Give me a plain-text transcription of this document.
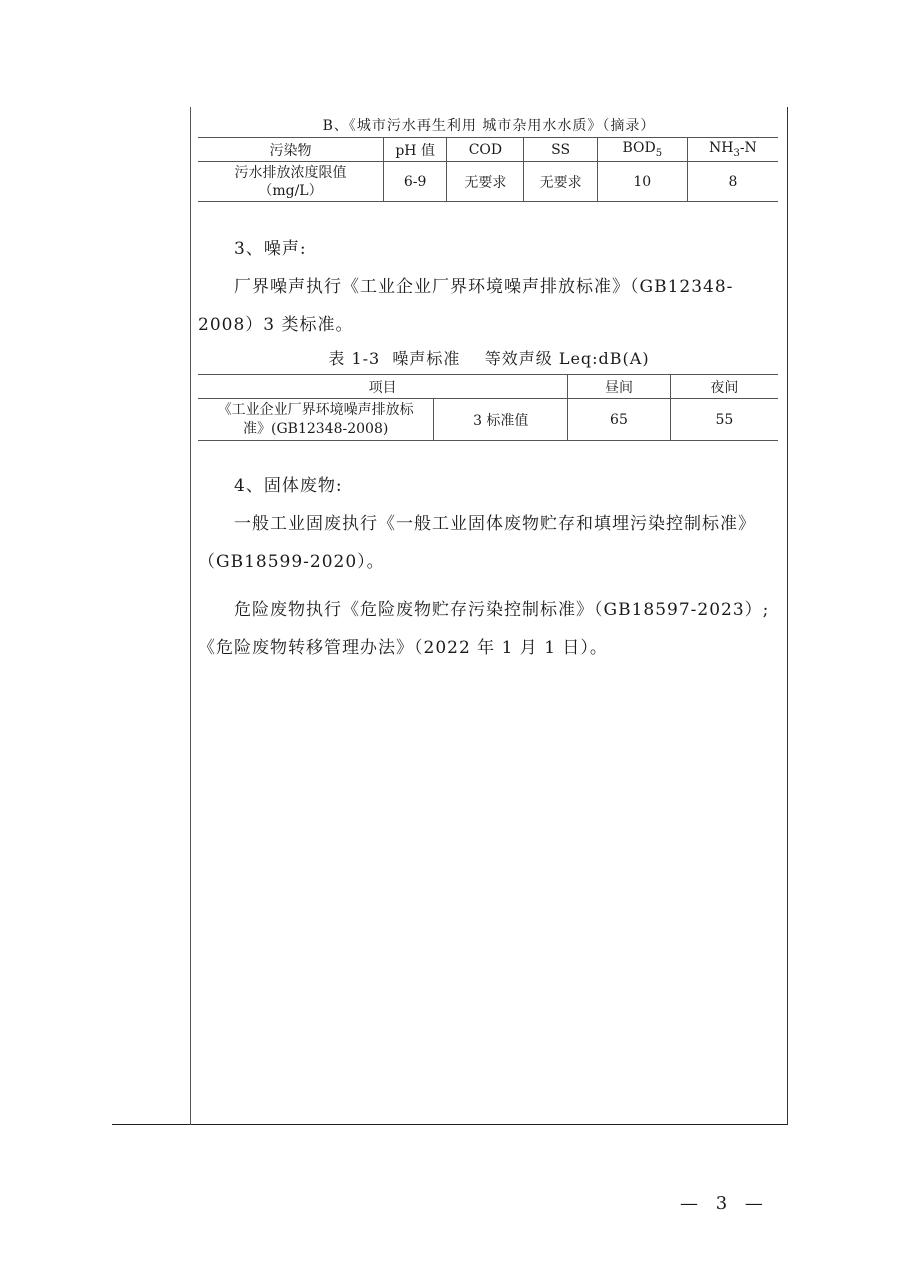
B、《城市污水再生利用 城市杂用水水质》（摘录）
污染物	pH 值	COD	SS	$BOD_5$	$NH_3-N$

污水排放浓度限值
（mg/L）	6-9	无要求	无要求	10	8
3、噪声:
厂界噪声执行《工业企业厂界环境噪声排放标准》（GB12348-
2008）3 类标准。
表 1-3  噪声标准    等效声级 Leq:dB(A)
项目		昼间	夜间

《工业企业厂界环境噪声排放标
准》(GB12348-2008)	3 标准值	65	55
4、固体废物:
一般工业固废执行《一般工业固体废物贮存和填埋污染控制标准》
（GB18599-2020）。
危险废物执行《危险废物贮存污染控制标准》（GB18597-2023）;
《危险废物转移管理办法》（2022 年 1 月 1 日）。
— 3 —
